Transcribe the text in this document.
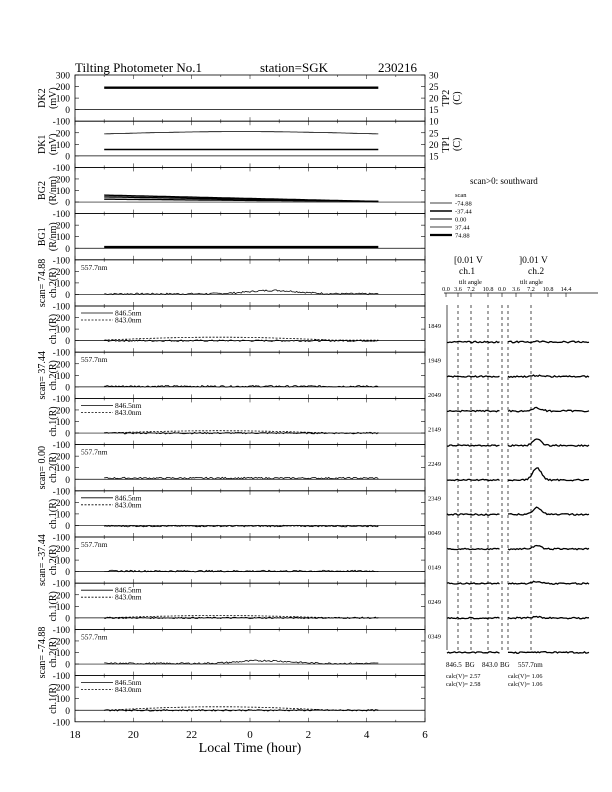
Tilting Photometer No.1	station=SGK	230216
300
200
100
0
DK2(mV)
30
25
20
15
TP2(C)
-100
200
100
0
DK1(mV)
10
25
20
15
TP1(C)
-100
200
100
0
BG2(R/nm)
-100
200
100
0
BG1(R/nm)
-100
200
100
0
scan= 74.88ch.2(R)
557.7nm
-100
200
100
0
ch.1(R)
846.5nm
843.0nm
-100
200
100
0
scan= 37.44ch.2(R)
557.7nm
-100
200
100
0
ch.1(R)
846.5nm
843.0nm
-100
200
100
0
scan= 0.00ch.2(R)
557.7nm
-100
200
100
0
ch.1(R)
846.5nm
843.0nm
-100
200
100
0
scan= -37.44ch.2(R)
557.7nm
-100
200
100
0
ch.1(R)
846.5nm
843.0nm
-100
200
100
0
scan= -74.88ch.2(R)
557.7nm
-100
200
100
0
ch.1(R)
846.5nm
843.0nm
-100
18	20	22	0	2	4	6
Local Time (hour)
scan>0: southward
scan
-74.88
-37.44
0.00
37.44
74.88
[0.01 V
ch.1
]0.01 V
ch.2
tilt angle	tilt angle
0.0 3.6 7.2 10.8 0.0 3.6 7.2 10.8 14.4
1849
1949
2049
2149
2249
2349
0049
0149
0249
0349
846.5 BG 843.0 BG 557.7nm
calc(V)= 2.57
calc(V)= 2.58
calc(V)= 1.06
calc(V)= 1.06
